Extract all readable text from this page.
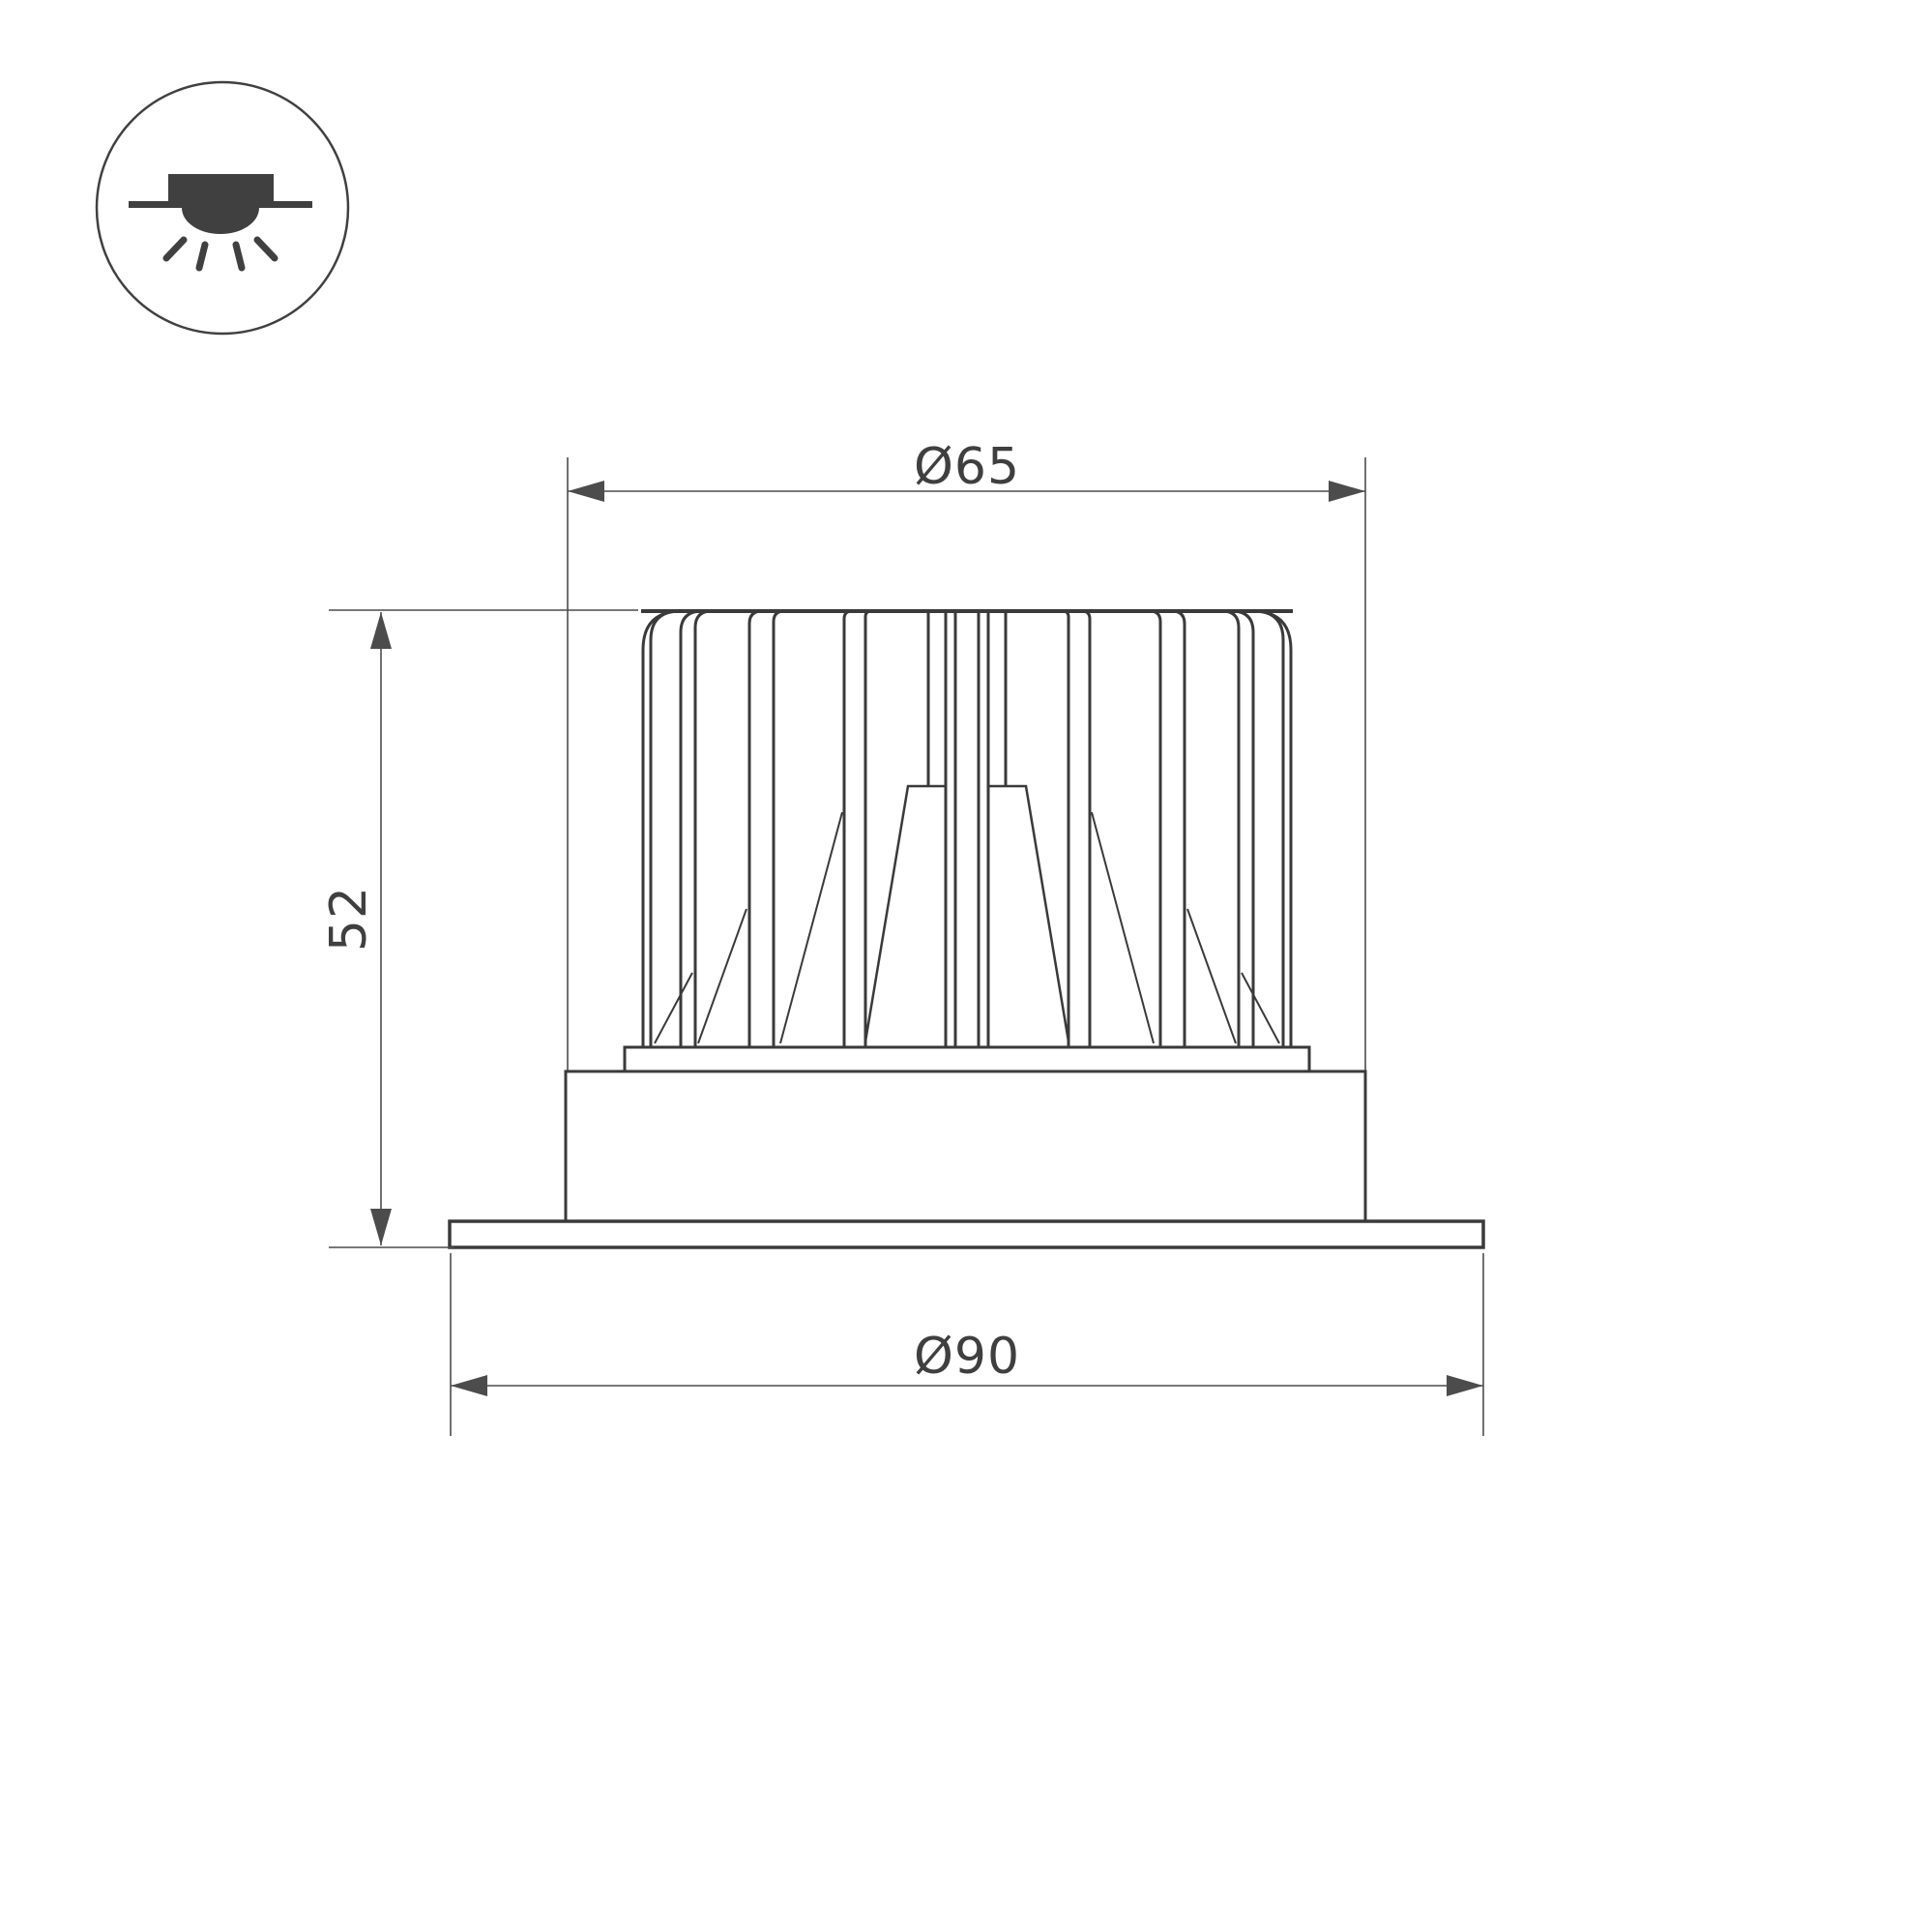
Ø65
52
Ø90
